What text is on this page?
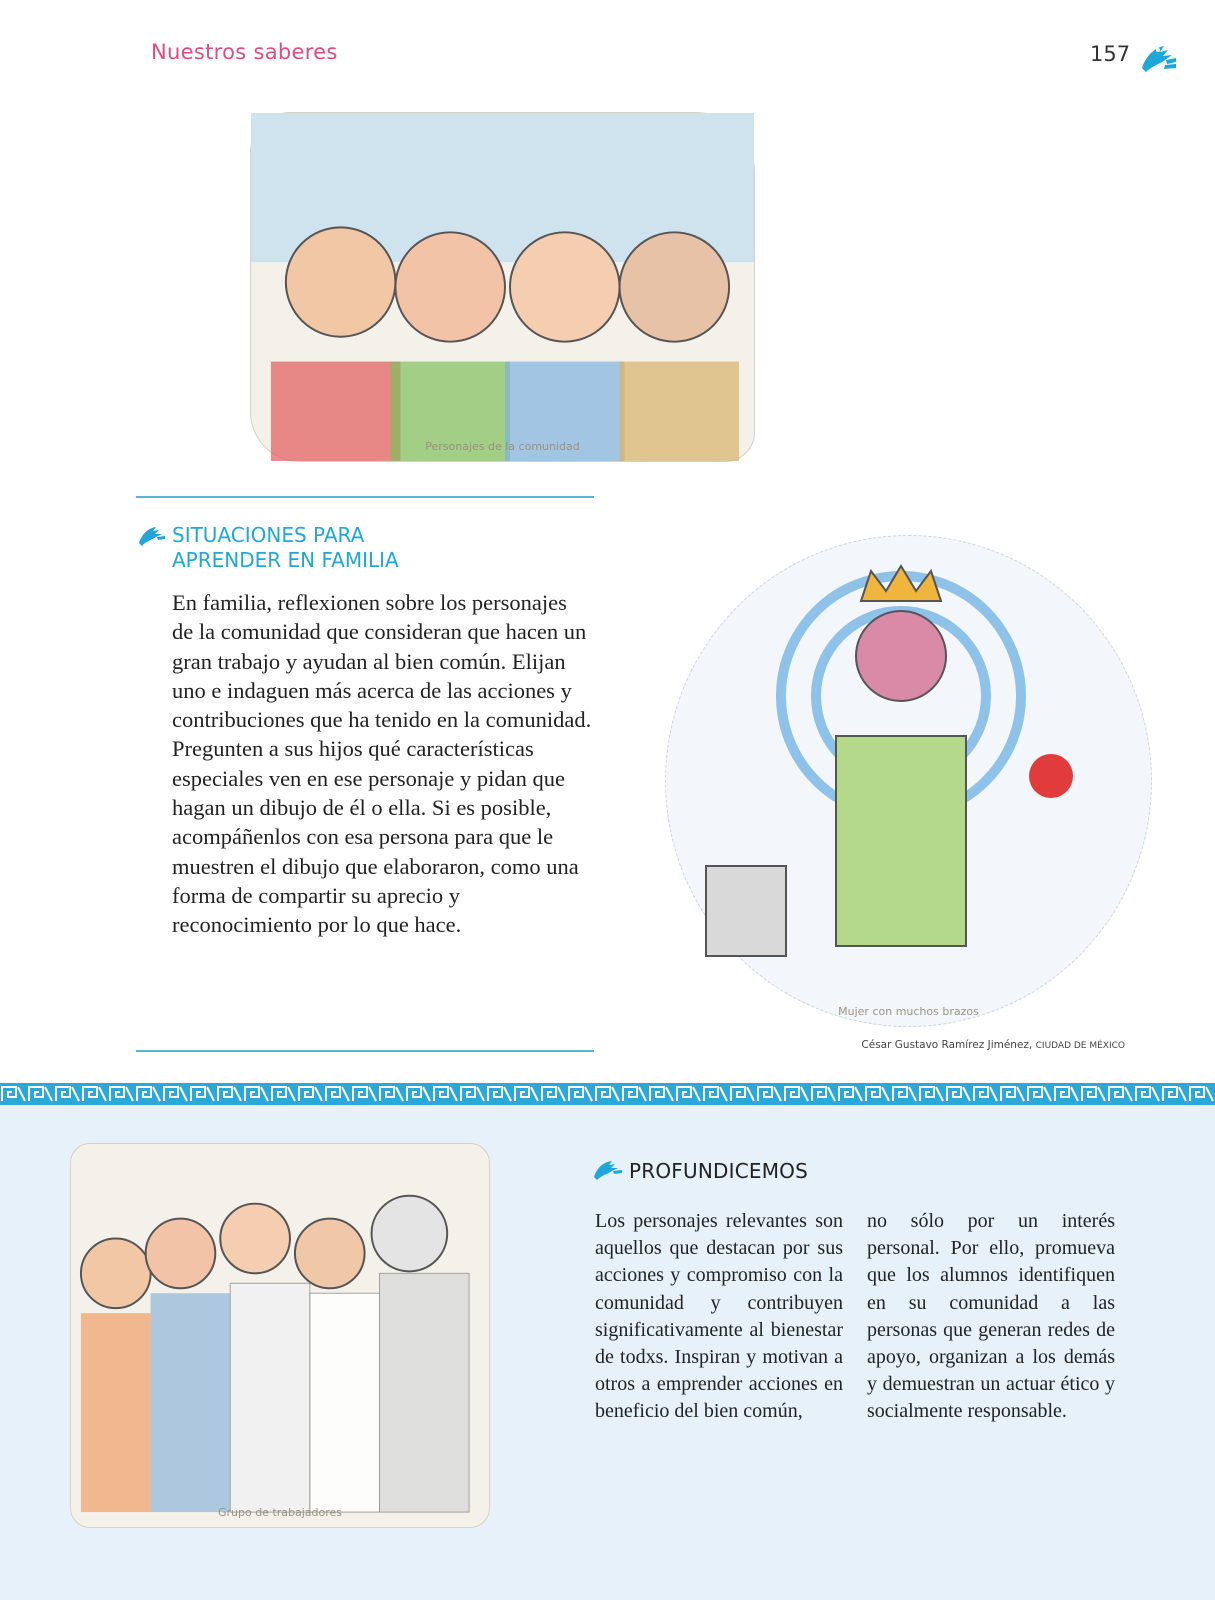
Nuestros saberes	157
Personajes de la comunidad
SITUACIONES PARA
APRENDER EN FAMILIA
En familia, reflexionen sobre los personajes de la comunidad que consideran que hacen un gran trabajo y ayudan al bien común. Elijan uno e indaguen más acerca de las acciones y contribuciones que ha tenido en la comunidad. Pregunten a sus hijos qué características especiales ven en ese personaje y pidan que hagan un dibujo de él o ella. Si es posible, acompáñenlos con esa persona para que le muestren el dibujo que elaboraron, como una forma de compartir su aprecio y reconocimiento por lo que hace.
Mujer con muchos brazos
César Gustavo Ramírez Jiménez, CIUDAD DE MÉXICO
Grupo de trabajadores
PROFUNDICEMOS
Los personajes relevantes son aquellos que destacan por sus acciones y compromiso con la comunidad y contribuyen significativamente al bienestar de todxs. Inspiran y motivan a otros a emprender acciones en beneficio del bien común,
no sólo por un interés personal. Por ello, promueva que los alumnos identifiquen en su comunidad a las personas que generan redes de apoyo, organizan a los demás y demuestran un actuar ético y socialmente responsable.
